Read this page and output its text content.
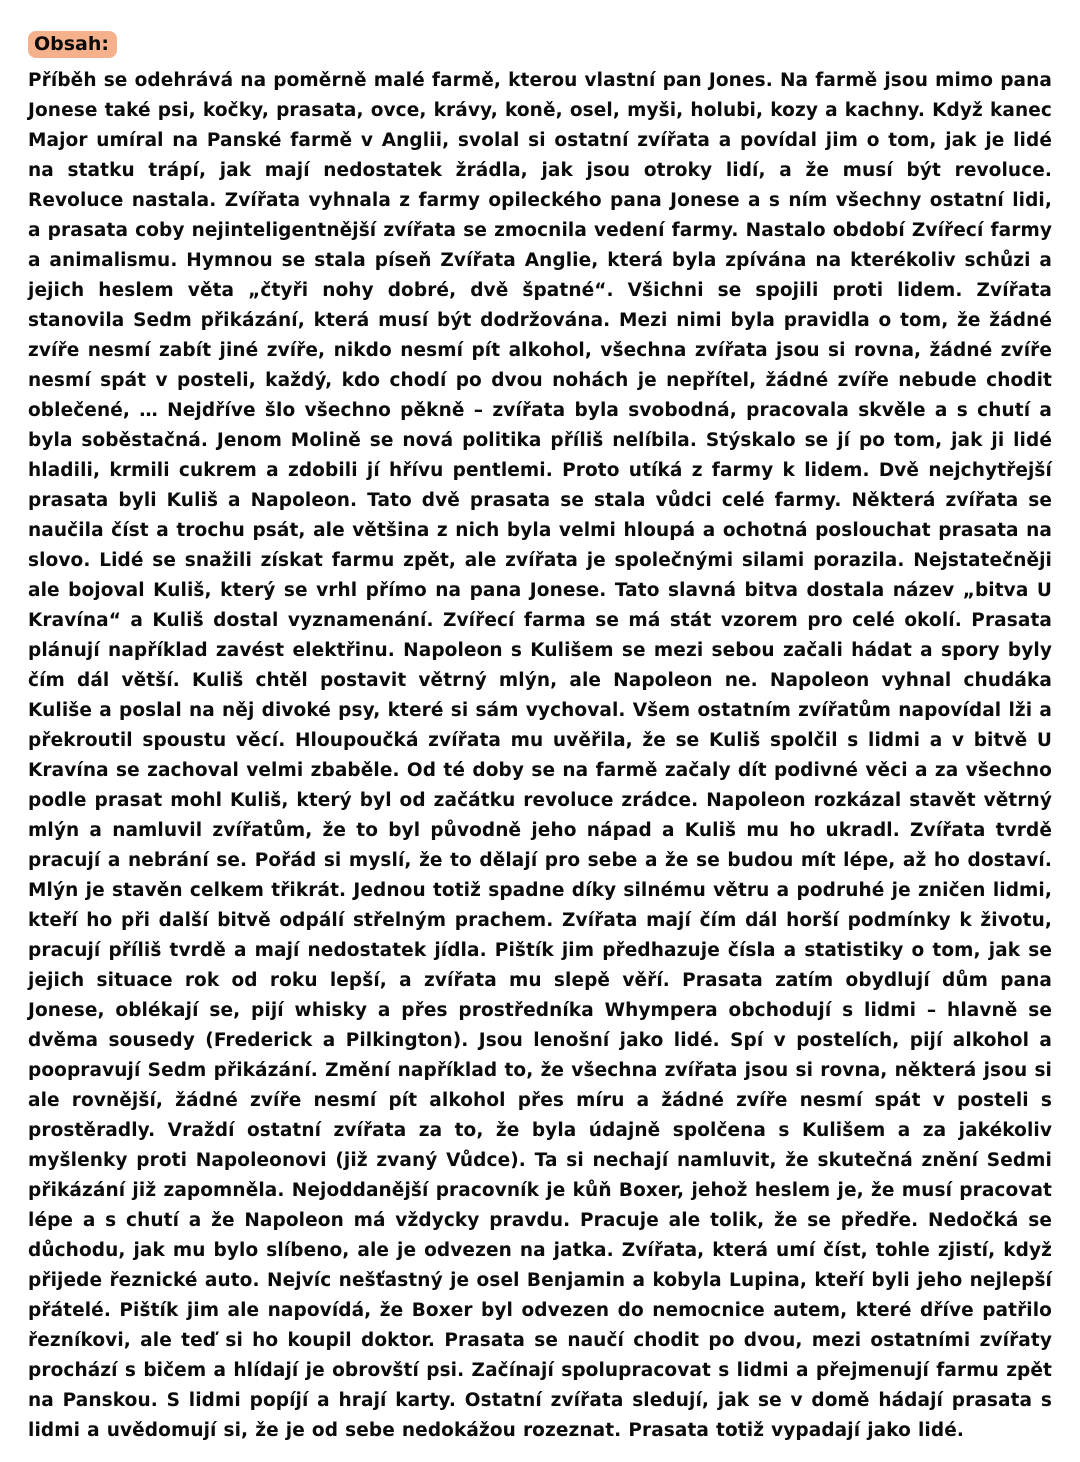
Obsah:

Příběh se odehrává na poměrně malé farmě, kterou vlastní pan Jones. Na farmě jsou mimo pana Jonese také psi, kočky, prasata, ovce, krávy, koně, osel, myši, holubi, kozy a kachny. Když kanec Major umíral na Panské farmě v Anglii, svolal si ostatní zvířata a povídal jim o tom, jak je lidé na statku trápí, jak mají nedostatek žrádla, jak jsou otroky lidí, a že musí být revoluce. Revoluce nastala. Zvířata vyhnala z farmy opileckého pana Jonese a s ním všechny ostatní lidi, a prasata coby nejinteligentnější zvířata se zmocnila vedení farmy. Nastalo období Zvířecí farmy a animalismu. Hymnou se stala píseň Zvířata Anglie, která byla zpívána na kterékoliv schůzi a jejich heslem věta „čtyři nohy dobré, dvě špatné“. Všichni se spojili proti lidem. Zvířata stanovila Sedm přikázání, která musí být dodržována. Mezi nimi byla pravidla o tom, že žádné zvíře nesmí zabít jiné zvíře, nikdo nesmí pít alkohol, všechna zvířata jsou si rovna, žádné zvíře nesmí spát v posteli, každý, kdo chodí po dvou nohách je nepřítel, žádné zvíře nebude chodit oblečené, … Nejdříve šlo všechno pěkně – zvířata byla svobodná, pracovala skvěle a s chutí a byla soběstačná. Jenom Molině se nová politika příliš nelíbila. Stýskalo se jí po tom, jak ji lidé hladili, krmili cukrem a zdobili jí hřívu pentlemi. Proto utíká z farmy k lidem. Dvě nejchytřejší prasata byli Kuliš a Napoleon. Tato dvě prasata se stala vůdci celé farmy. Některá zvířata se naučila číst a trochu psát, ale většina z nich byla velmi hloupá a ochotná poslouchat prasata na slovo. Lidé se snažili získat farmu zpět, ale zvířata je společnými silami porazila. Nejstatečněji ale bojoval Kuliš, který se vrhl přímo na pana Jonese. Tato slavná bitva dostala název „bitva U Kravína“ a Kuliš dostal vyznamenání. Zvířecí farma se má stát vzorem pro celé okolí. Prasata plánují například zavést elektřinu. Napoleon s Kulišem se mezi sebou začali hádat a spory byly čím dál větší. Kuliš chtěl postavit větrný mlýn, ale Napoleon ne. Napoleon vyhnal chudáka Kuliše a poslal na něj divoké psy, které si sám vychoval. Všem ostatním zvířatům napovídal lži a překroutil spoustu věcí. Hloupoučká zvířata mu uvěřila, že se Kuliš spolčil s lidmi a v bitvě U Kravína se zachoval velmi zbaběle. Od té doby se na farmě začaly dít podivné věci a za všechno podle prasat mohl Kuliš, který byl od začátku revoluce zrádce. Napoleon rozkázal stavět větrný mlýn a namluvil zvířatům, že to byl původně jeho nápad a Kuliš mu ho ukradl. Zvířata tvrdě pracují a nebrání se. Pořád si myslí, že to dělají pro sebe a že se budou mít lépe, až ho dostaví. Mlýn je stavěn celkem třikrát. Jednou totiž spadne díky silnému větru a podruhé je zničen lidmi, kteří ho při další bitvě odpálí střelným prachem. Zvířata mají čím dál horší podmínky k životu, pracují příliš tvrdě a mají nedostatek jídla. Pištík jim předhazuje čísla a statistiky o tom, jak se jejich situace rok od roku lepší, a zvířata mu slepě věří. Prasata zatím obydlují dům pana Jonese, oblékají se, pijí whisky a přes prostředníka Whympera obchodují s lidmi – hlavně se dvěma sousedy (Frederick a Pilkington). Jsou lenošní jako lidé. Spí v postelích, pijí alkohol a poopravují Sedm přikázání. Změní například to, že všechna zvířata jsou si rovna, některá jsou si ale rovnější, žádné zvíře nesmí pít alkohol přes míru a žádné zvíře nesmí spát v posteli s prostěradly. Vraždí ostatní zvířata za to, že byla údajně spolčena s Kulišem a za jakékoliv myšlenky proti Napoleonovi (již zvaný Vůdce). Ta si nechají namluvit, že skutečná znění Sedmi přikázání již zapomněla. Nejoddanější pracovník je kůň Boxer, jehož heslem je, že musí pracovat lépe a s chutí a že Napoleon má vždycky pravdu. Pracuje ale tolik, že se předře. Nedočká se důchodu, jak mu bylo slíbeno, ale je odvezen na jatka. Zvířata, která umí číst, tohle zjistí, když přijede řeznické auto. Nejvíc nešťastný je osel Benjamin a kobyla Lupina, kteří byli jeho nejlepší přátelé. Pištík jim ale napovídá, že Boxer byl odvezen do nemocnice autem, které dříve patřilo řezníkovi, ale teď si ho koupil doktor. Prasata se naučí chodit po dvou, mezi ostatními zvířaty prochází s bičem a hlídají je obrovští psi. Začínají spolupracovat s lidmi a přejmenují farmu zpět na Panskou. S lidmi popíjí a hrají karty. Ostatní zvířata sledují, jak se v domě hádají prasata s lidmi a uvědomují si, že je od sebe nedokážou rozeznat. Prasata totiž vypadají jako lidé.
